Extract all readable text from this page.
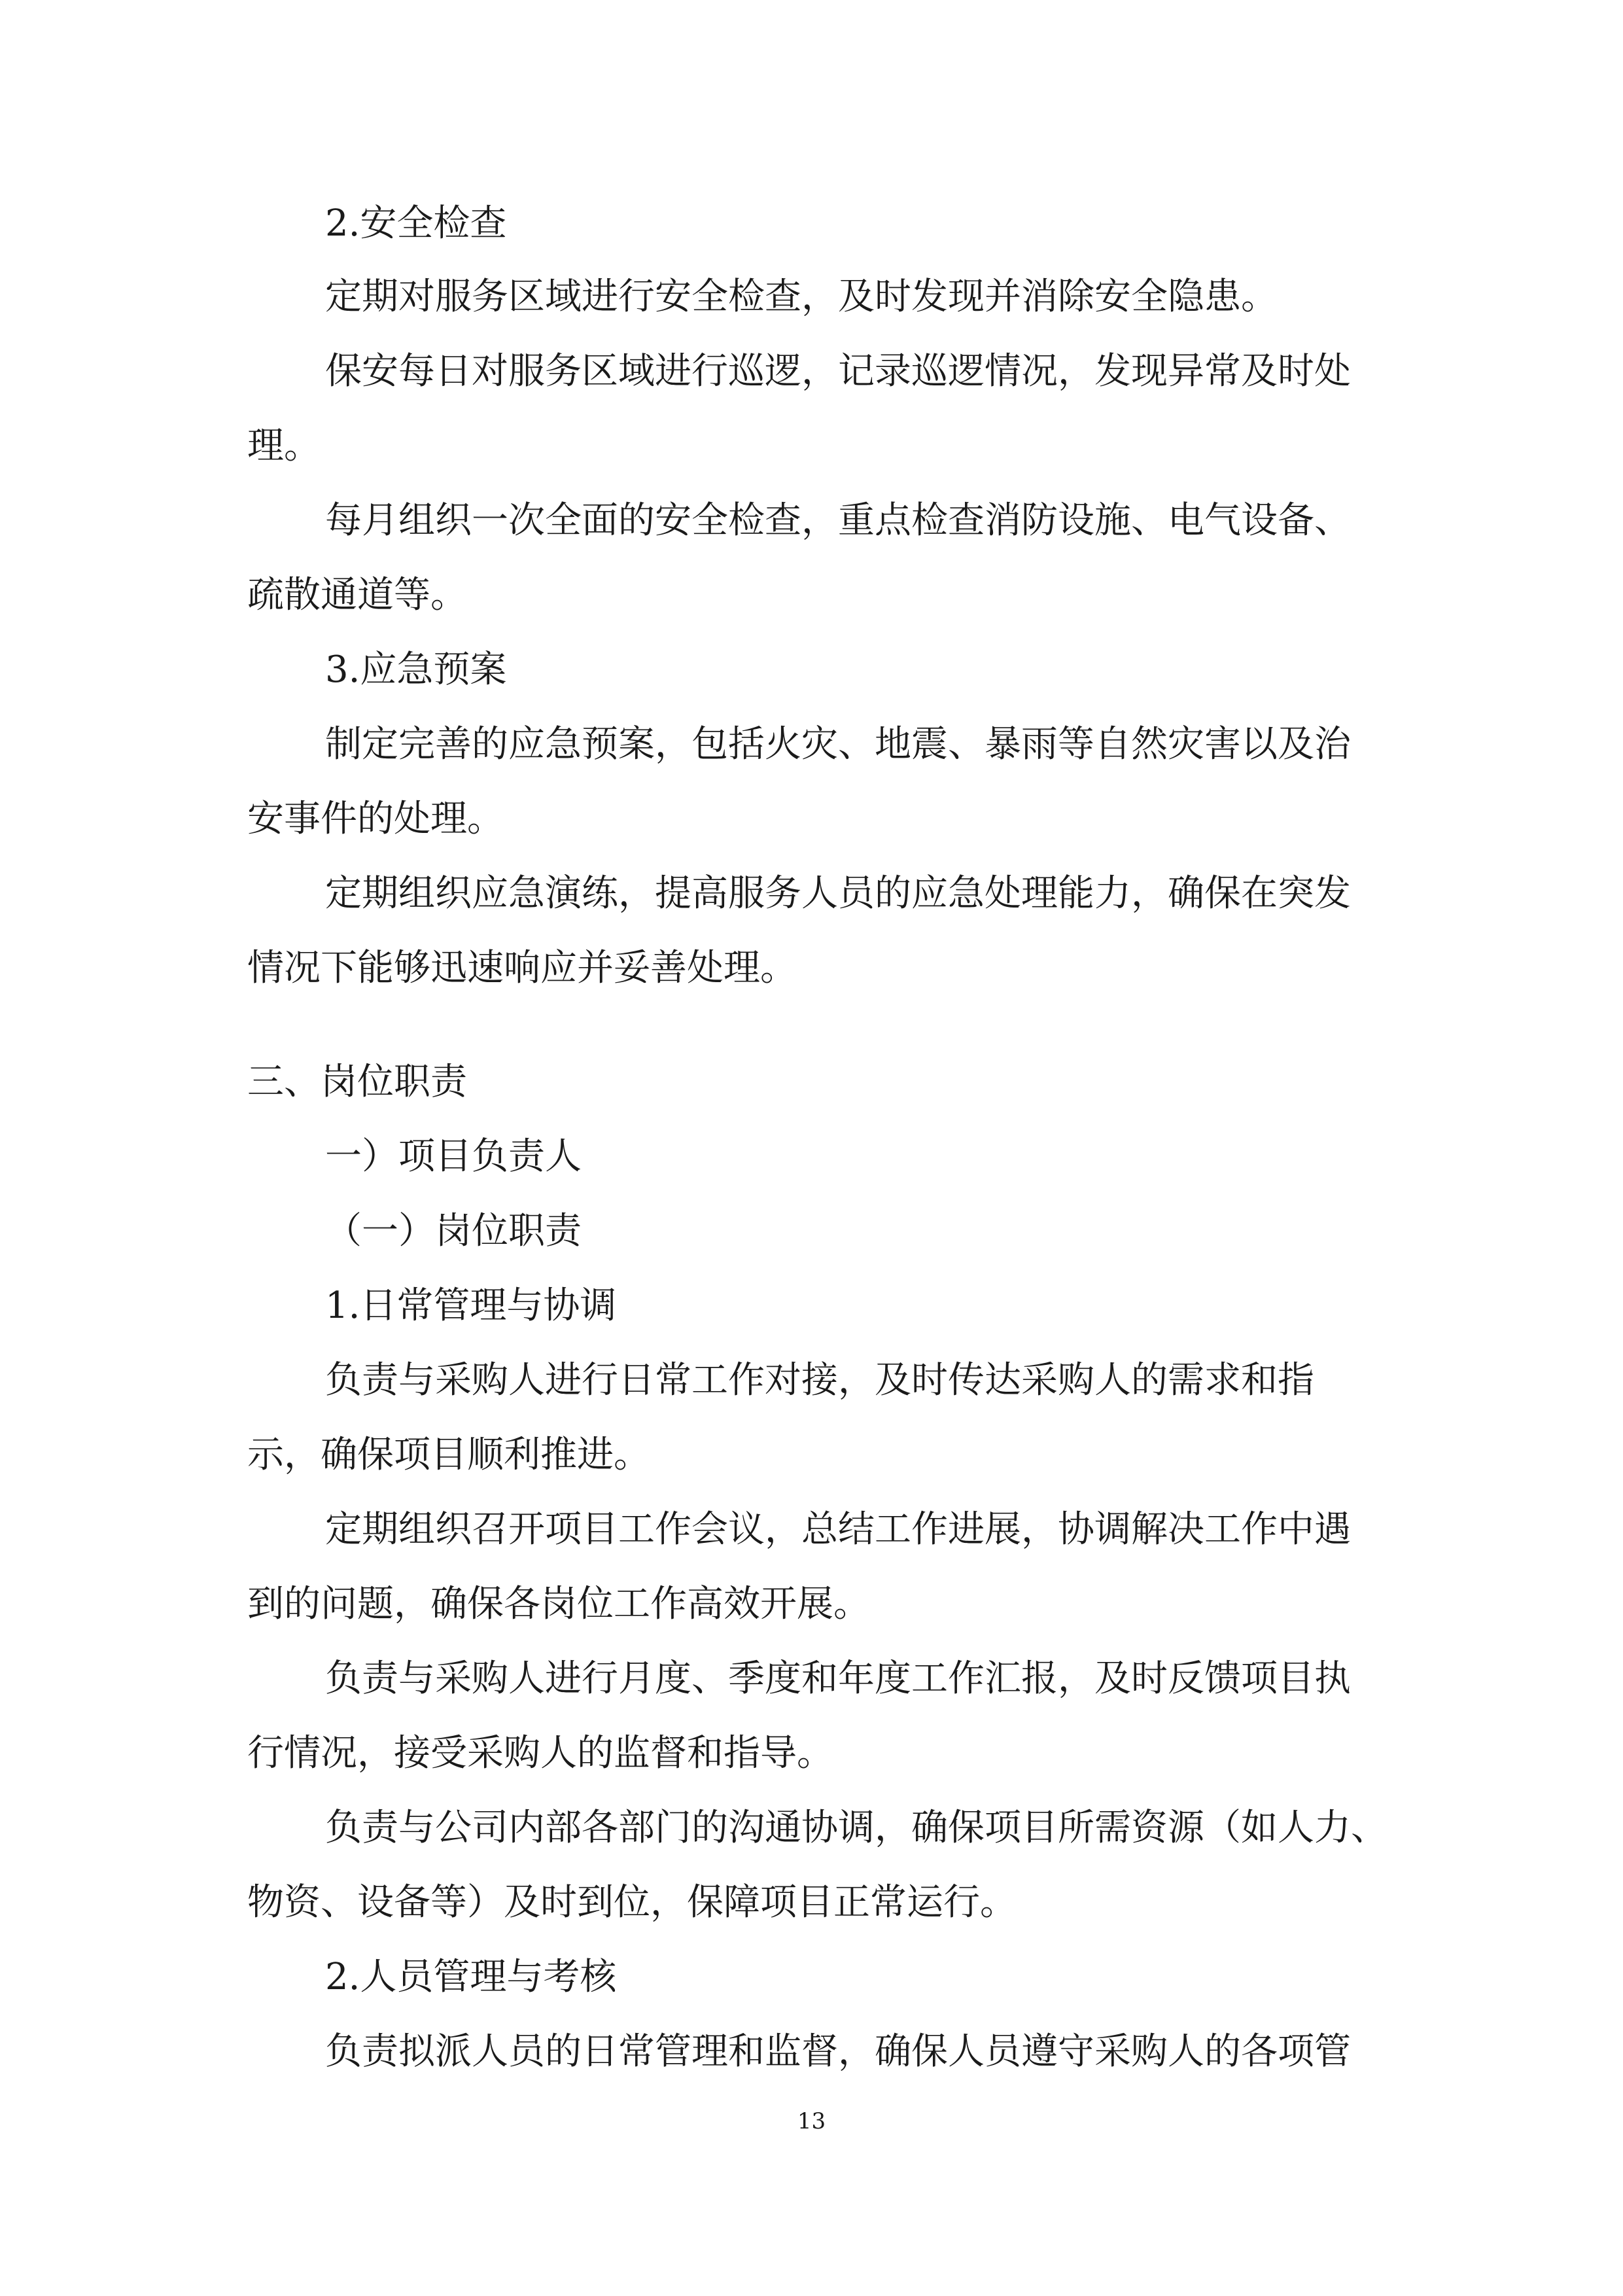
2.安全检查

定期对服务区域进行安全检查，及时发现并消除安全隐患。

保安每日对服务区域进行巡逻，记录巡逻情况，发现异常及时处

理。

每月组织一次全面的安全检查，重点检查消防设施、电气设备、

疏散通道等。

3.应急预案

制定完善的应急预案，包括火灾、地震、暴雨等自然灾害以及治

安事件的处理。

定期组织应急演练，提高服务人员的应急处理能力，确保在突发

情况下能够迅速响应并妥善处理。

三、岗位职责

一）项目负责人

（一）岗位职责

1.日常管理与协调

负责与采购人进行日常工作对接，及时传达采购人的需求和指

示，确保项目顺利推进。

定期组织召开项目工作会议，总结工作进展，协调解决工作中遇

到的问题，确保各岗位工作高效开展。

负责与采购人进行月度、季度和年度工作汇报，及时反馈项目执

行情况，接受采购人的监督和指导。

负责与公司内部各部门的沟通协调，确保项目所需资源（如人力、

物资、设备等）及时到位，保障项目正常运行。

2.人员管理与考核

负责拟派人员的日常管理和监督，确保人员遵守采购人的各项管

13
